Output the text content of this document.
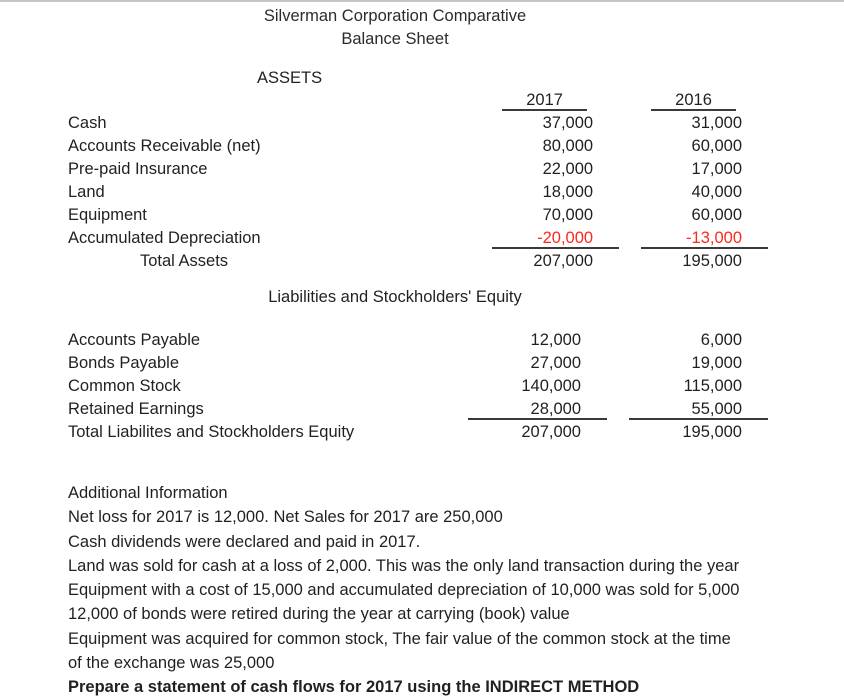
Silverman Corporation Comparative
Balance Sheet
ASSETS
	2017	2016
Cash	37,000	31,000
Accounts Receivable (net)	80,000	60,000
Pre-paid Insurance	22,000	17,000
Land	18,000	40,000
Equipment	70,000	60,000
Accumulated Depreciation	-20,000	-13,000
Total Assets	207,000	195,000
Liabilities and Stockholders' Equity
Accounts Payable	12,000	6,000
Bonds Payable	27,000	19,000
Common Stock	140,000	115,000
Retained Earnings	28,000	55,000
Total Liabilites and Stockholders Equity	207,000	195,000
Additional Information
Net loss for 2017 is 12,000. Net Sales for 2017 are 250,000
Cash dividends were declared and paid in 2017.
Land was sold for cash at a loss of 2,000. This was the only land transaction during the year
Equipment with a cost of 15,000 and accumulated depreciation of 10,000 was sold for 5,000
12,000 of bonds were retired during the year at carrying (book) value
Equipment was acquired for common stock, The fair value of the common stock at the time
of the exchange was 25,000
Prepare a statement of cash flows for 2017 using the INDIRECT METHOD
